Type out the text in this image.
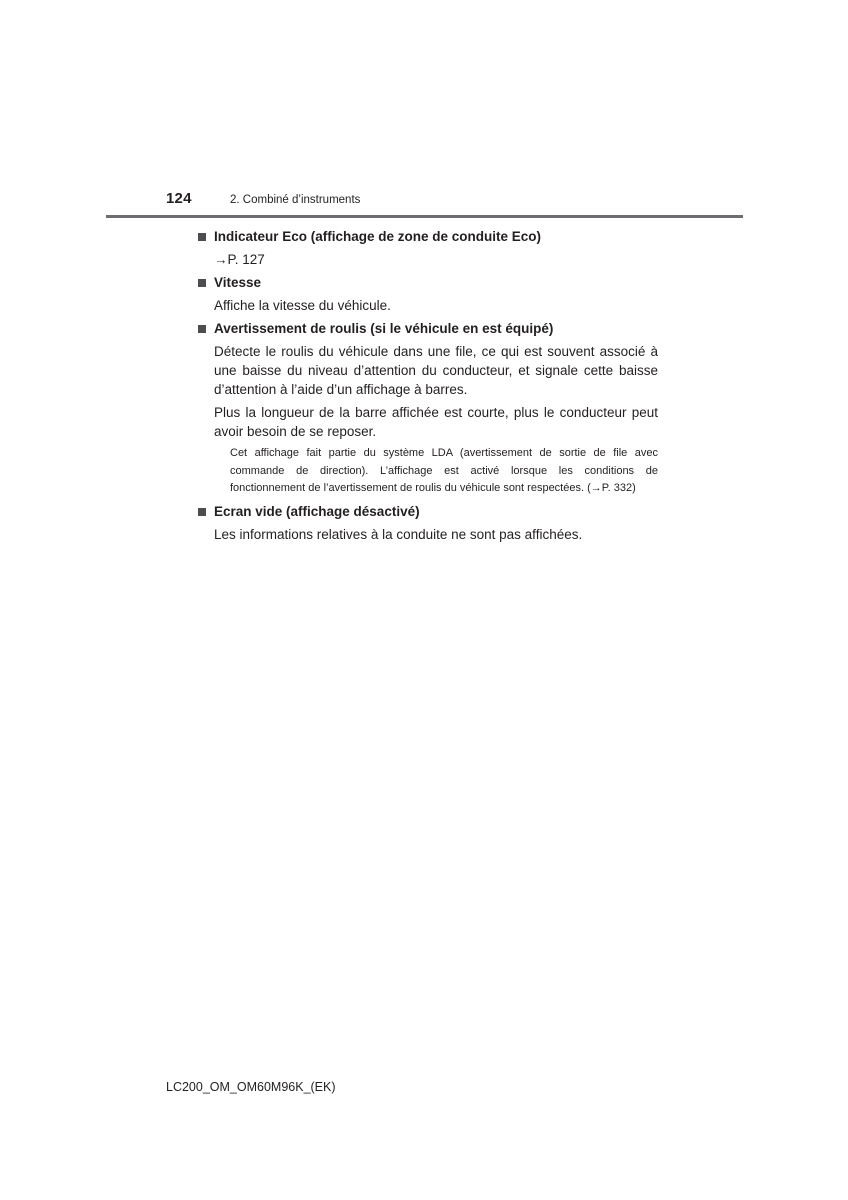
124	2. Combiné d’instruments
Indicateur Eco (affichage de zone de conduite Eco)
→P. 127
Vitesse
Affiche la vitesse du véhicule.
Avertissement de roulis (si le véhicule en est équipé)
Détecte le roulis du véhicule dans une file, ce qui est souvent associé à une baisse du niveau d’attention du conducteur, et signale cette baisse d’attention à l’aide d’un affichage à barres.
Plus la longueur de la barre affichée est courte, plus le conducteur peut avoir besoin de se reposer.
Cet affichage fait partie du système LDA (avertissement de sortie de file avec commande de direction). L’affichage est activé lorsque les conditions de fonctionnement de l’avertissement de roulis du véhicule sont respectées. (→P. 332)
Ecran vide (affichage désactivé)
Les informations relatives à la conduite ne sont pas affichées.
LC200_OM_OM60M96K_(EK)
